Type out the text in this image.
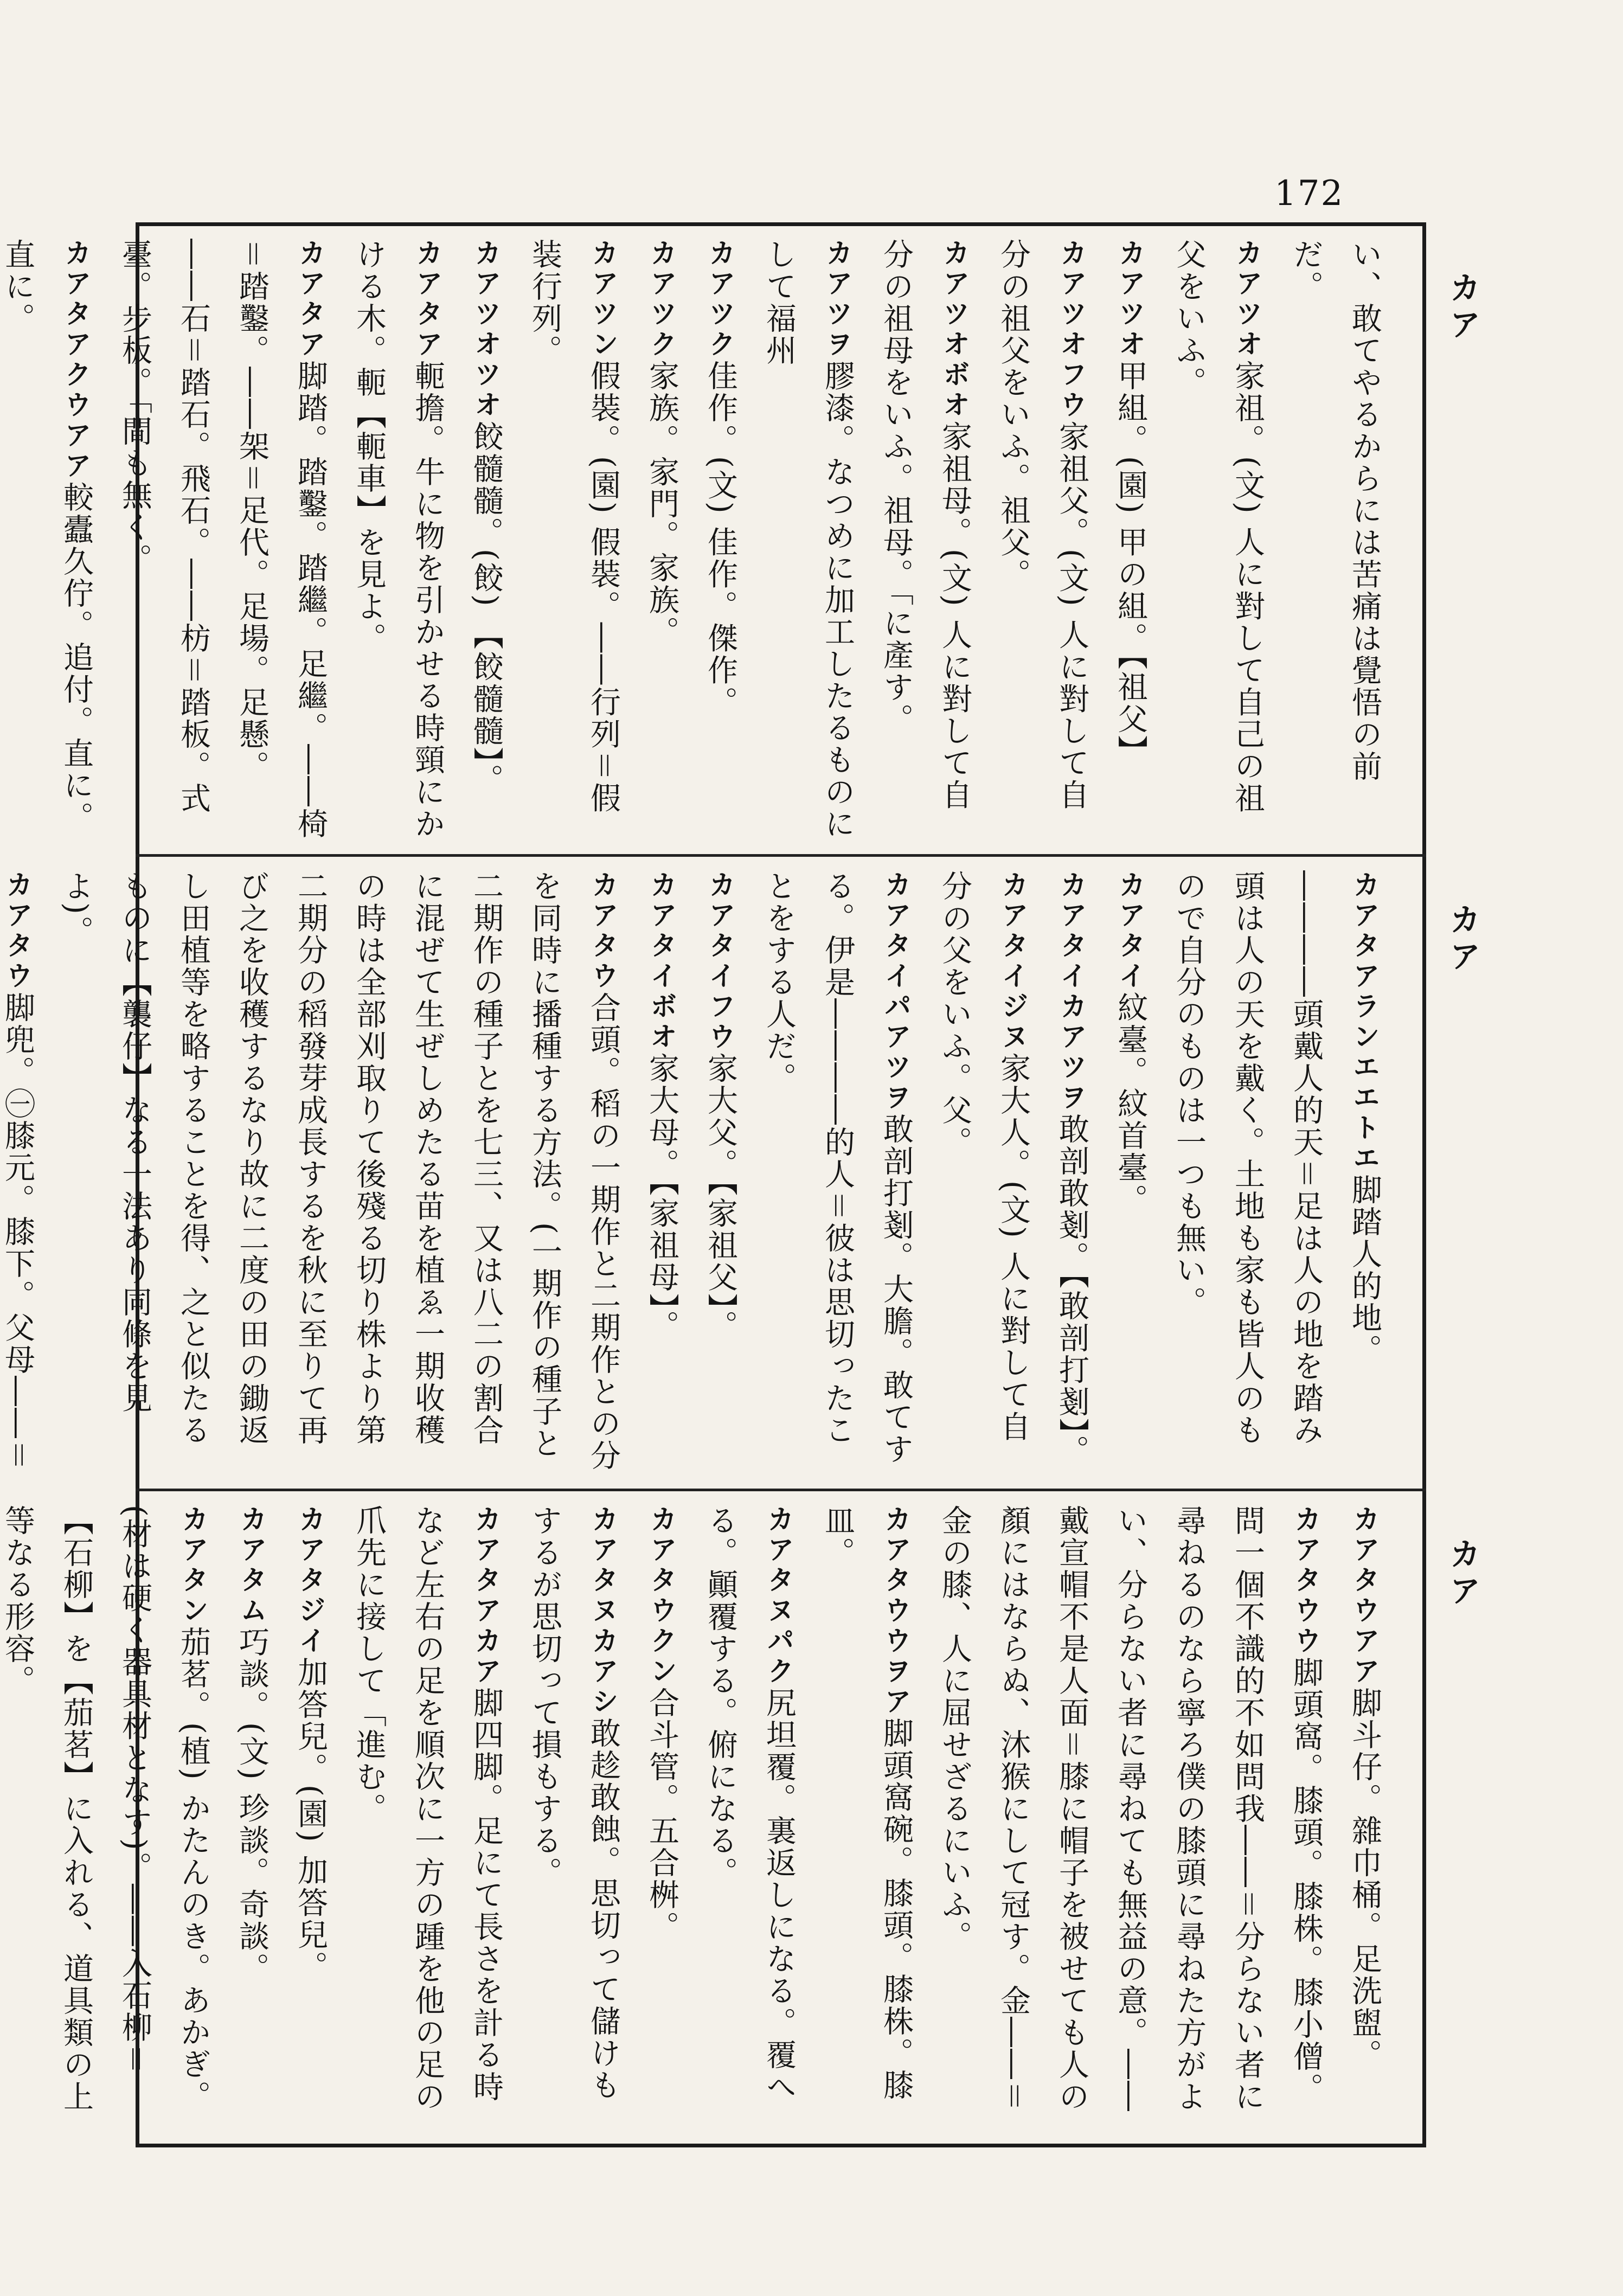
172
カア
カア
カア

い、敢てやるからには苦痛は覺悟の前だ。

カアツオ家祖。(文) 人に對して自己の祖父をいふ。

カアツオ甲組。(園) 甲の組。【祖父】

カアツオフウ家祖父。(文) 人に對して自分の祖父をいふ。祖父。

カアツオボオ家祖母。(文) 人に對して自分の祖母をいふ。祖母。「に產す。

カアツヲ膠漆。なつめに加工したるものにして福州

カアツク佳作。(文) 佳作。傑作。

カアツク家族。家門。家族。

カアツン假裝。(園) 假裝。――行列＝假装行列。

カアツオツオ餃髓髓。(餃) 【餃髓髓】。

カアタア軛擔。牛に物を引かせる時頸にかける木。軛【軛車】を見よ。

カアタア脚踏。踏鑿。踏繼。足繼。――椅＝踏鑿。――架＝足代。足場。足懸。――石＝踏石。飛石。――枋＝踏板。式臺。步板。「間も無く。

カアタアクウアア較蠹久佇。追付。直に。直に。

カアタアランエエトエ脚踏人的地。――――頭戴人的天＝足は人の地を踏み頭は人の天を戴く。土地も家も皆人のもので自分のものは一つも無い。

カアタイ紋臺。紋首臺。

カアタイカアツヲ敢剖敢剗。【敢剖打剗】。

カアタイジヌ家大人。(文) 人に對して自分の父をいふ。父。

カアタイパアツヲ敢剖打剗。大膽。敢てする。伊是――――的人＝彼は思切ったことをする人だ。

カアタイフウ家大父。【家祖父】。

カアタイボオ家大母。【家祖母】。

カアタウ合頭。稻の一期作と二期作との分を同時に播種する方法。(一期作の種子と二期作の種子とを七三、又は八二の割合に混ぜて生ぜしめたる苗を植ゑ一期收穫の時は全部刈取りて後殘る切り株より第二期分の稻發芽成長するを秋に至りて再び之を收穫するなり故に二度の田の鋤返し田植等を略することを得、之と似たるものに【襲仔】なる一法あり同條を見よ)。

カアタウ脚兜。㊀膝元。膝下。父母――＝

カアタウアア脚斗仔。雜巾桶。足洗盥。

カアタウウ脚頭窩。膝頭。膝株。膝小僧。問一個不識的不如問我――＝分らない者に尋ねるのなら寧ろ僕の膝頭に尋ねた方がよい、分らない者に尋ねても無益の意。――戴宣帽不是人面＝膝に帽子を被せても人の顏にはならぬ、沐猴にして冠す。金――＝金の膝、人に屈せざるにいふ。

カアタウウヲア脚頭窩碗。膝頭。膝株。膝皿。

カアタヌパク尻坦覆。裏返しになる。覆へる。顚覆する。俯になる。

カアタウクン合斗管。五合桝。

カアタヌカアシ敢趁敢蝕。思切って儲けもするが思切って損もする。

カアタアカア脚四脚。足にて長さを計る時など左右の足を順次に一方の踵を他の足の爪先に接して「進む。

カアタジイ加答兒。(園) 加答兒。

カアタム巧談。(文) 珍談。奇談。

カアタン茄茗。(植) かたんのき。あかぎ。(材は硬く器具材となす)。――入石柳＝【石柳】を【茄茗】に入れる、道具類の上等なる形容。
